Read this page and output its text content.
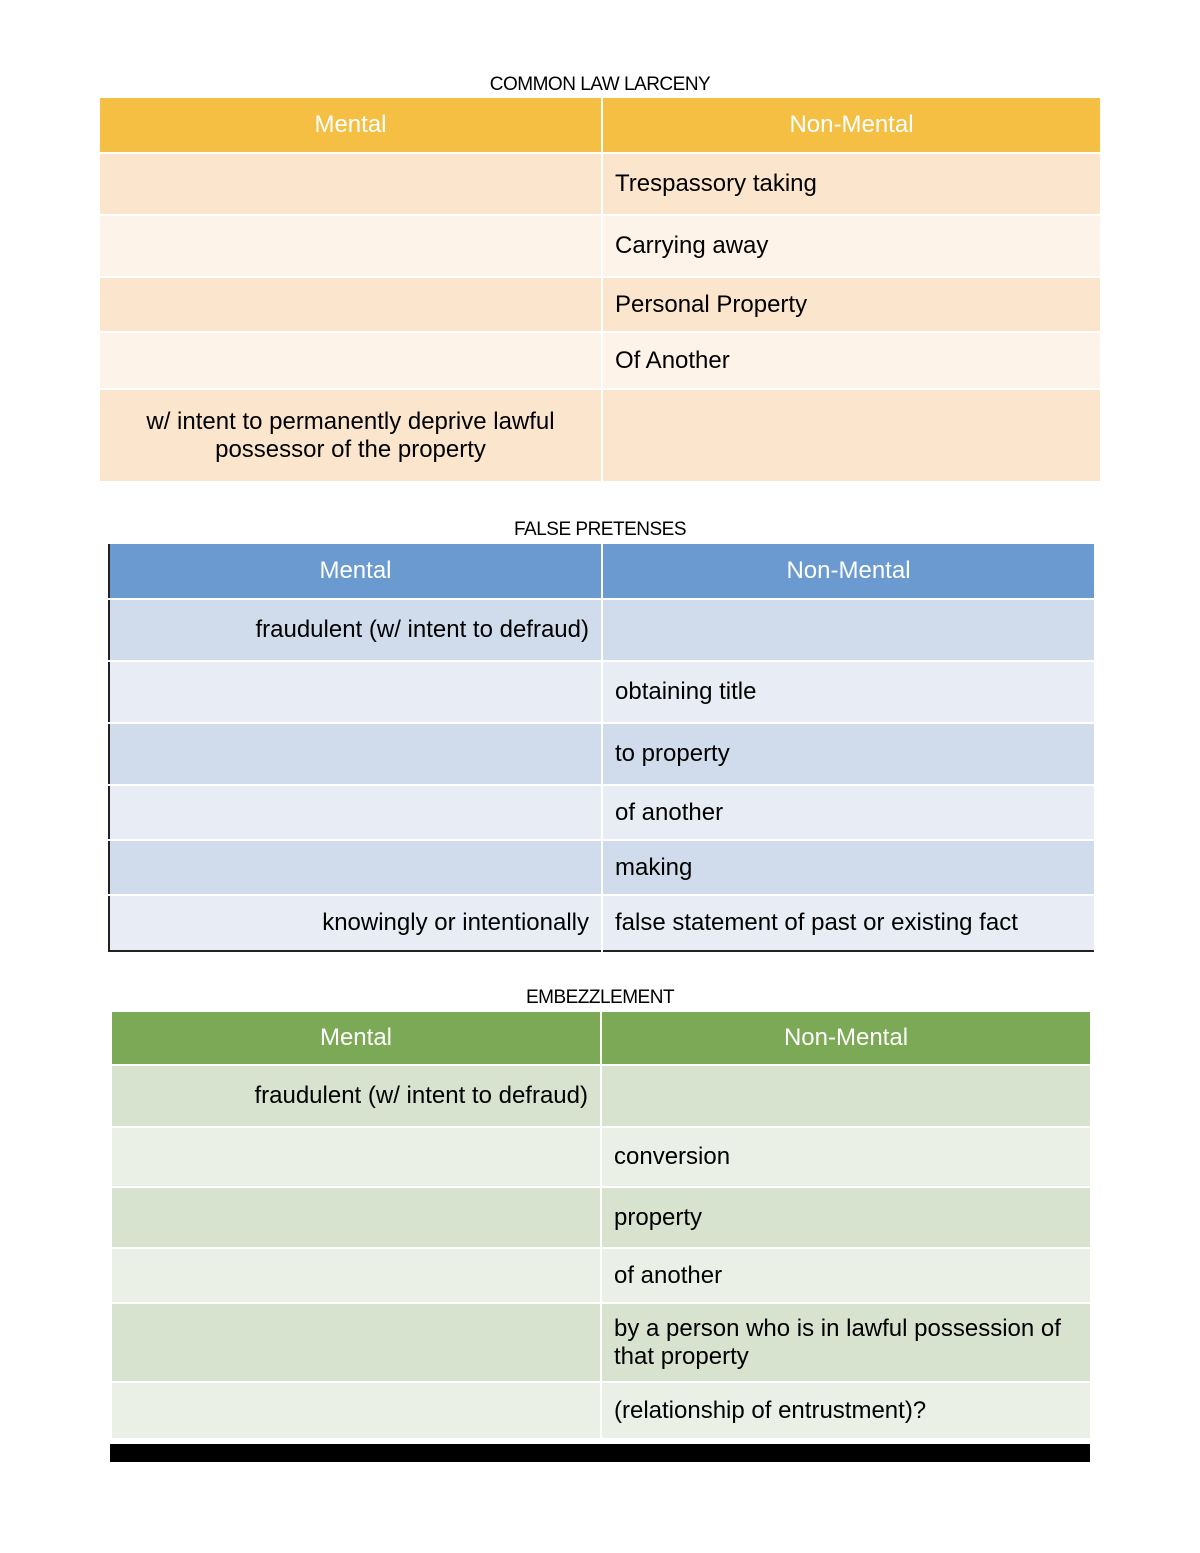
COMMON LAW LARCENY
Mental	Non-Mental
	Trespassory taking
	Carrying away
	Personal Property
	Of Another
w/ intent to permanently deprive lawful possessor of the property	
FALSE PRETENSES
Mental	Non-Mental
fraudulent (w/ intent to defraud)	
	obtaining title
	to property
	of another
	making
knowingly or intentionally	false statement of past or existing fact
EMBEZZLEMENT
Mental	Non-Mental
fraudulent (w/ intent to defraud)	
	conversion
	property
	of another
	by a person who is in lawful possession of that property
	(relationship of entrustment)?
